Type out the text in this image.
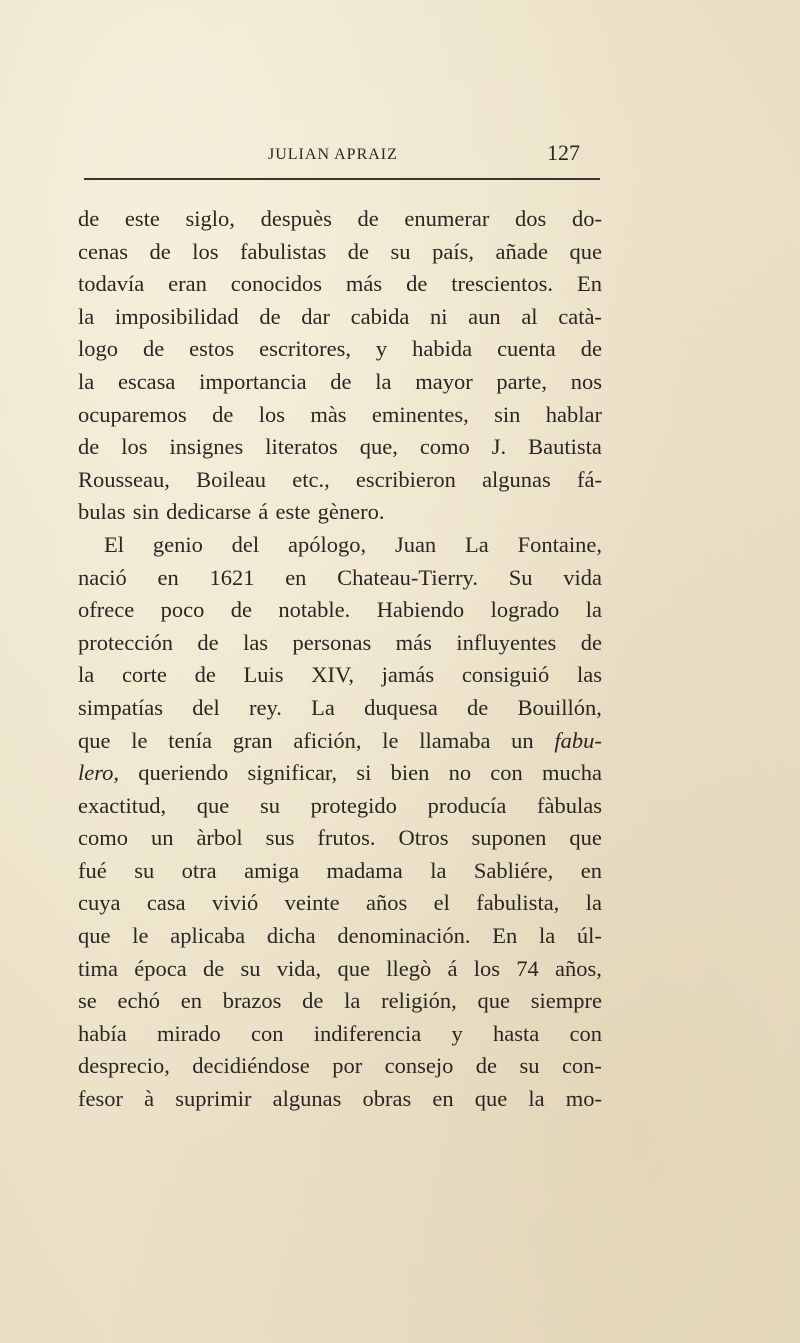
JULIAN APRAIZ	127
de este siglo, despuès de enumerar dos do-
cenas de los fabulistas de su país, añade que
todavía eran conocidos más de trescientos. En
la imposibilidad de dar cabida ni aun al catà-
logo de estos escritores, y habida cuenta de
la escasa importancia de la mayor parte, nos
ocuparemos de los màs eminentes, sin hablar
de los insignes literatos que, como J. Bautista
Rousseau, Boileau etc., escribieron algunas fá-
bulas sin dedicarse á este gènero.
El genio del apólogo, Juan La Fontaine,
nació en 1621 en Chateau-Tierry. Su vida
ofrece poco de notable. Habiendo logrado la
protección de las personas más influyentes de
la corte de Luis XIV, jamás consiguió las
simpatías del rey. La duquesa de Bouillón,
que le tenía gran afición, le llamaba un fabu-
lero, queriendo significar, si bien no con mucha
exactitud, que su protegido producía fàbulas
como un àrbol sus frutos. Otros suponen que
fué su otra amiga madama la Sabliére, en
cuya casa vivió veinte años el fabulista, la
que le aplicaba dicha denominación. En la úl-
tima época de su vida, que llegò á los 74 años,
se echó en brazos de la religión, que siempre
había mirado con indiferencia y hasta con
desprecio, decidiéndose por consejo de su con-
fesor à suprimir algunas obras en que la mo-
